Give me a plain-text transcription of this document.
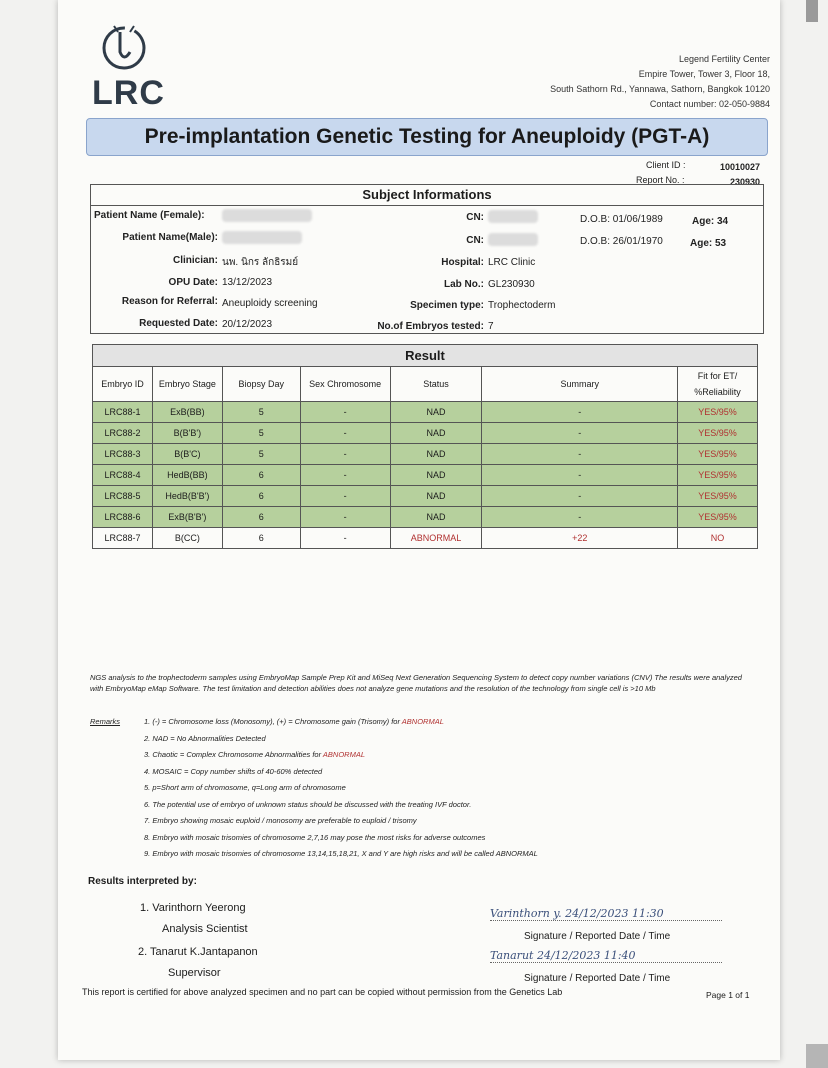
LRC
Legend Fertility Center
Empire Tower, Tower 3, Floor 18,
South Sathorn Rd., Yannawa, Sathorn, Bangkok 10120
Contact number: 02-050-9884
Pre-implantation Genetic Testing for Aneuploidy (PGT-A)
Client ID :	10010027
Report No. :	230930
Subject Informations
Patient Name (Female):
Patient Name(Male):
CN:
CN:
D.O.B: 01/06/1989	Age: 34
D.O.B: 26/01/1970	Age: 53
Clinician: นพ. นิกร ลักธิรมย์	Hospital: LRC Clinic
OPU Date: 13/12/2023	Lab No.: GL230930
Reason for Referral: Aneuploidy screening	Specimen type: Trophectoderm
Requested Date: 20/12/2023	No.of Embryos tested: 7
Result
Embryo ID	Embryo Stage	Biopsy Day	Sex Chromosome	Status	Summary	Fit for ET/ %Reliability
LRC88-1	ExB(BB)	5	-	NAD	-	YES/95%
LRC88-2	B(B'B')	5	-	NAD	-	YES/95%
LRC88-3	B(B'C)	5	-	NAD	-	YES/95%
LRC88-4	HedB(BB)	6	-	NAD	-	YES/95%
LRC88-5	HedB(B'B')	6	-	NAD	-	YES/95%
LRC88-6	ExB(B'B')	6	-	NAD	-	YES/95%
LRC88-7	B(CC)	6	-	ABNORMAL	+22	NO
NGS analysis to the trophectoderm samples using EmbryoMap Sample Prep Kit and MiSeq Next Generation Sequencing System to detect copy number variations (CNV) The results were analyzed with EmbryoMap eMap Software. The test limitation and detection abilities does not analyze gene mutations and the resolution of the technology from single cell is >10 Mb
Remarks	1. (-) = Chromosome loss (Monosomy), (+) = Chromosome gain (Trisomy) for ABNORMAL
2. NAD = No Abnormalities Detected
3. Chaotic = Complex Chromosome Abnormalities for ABNORMAL
4. MOSAIC = Copy number shifts of 40-60% detected
5. p=Short arm of chromosome, q=Long arm of chromosome
6. The potential use of embryo of unknown status should be discussed with the treating IVF doctor.
7. Embryo showing mosaic euploid / monosomy are preferable to euploid / trisomy
8. Embryo with mosaic trisomies of chromosome 2,7,16 may pose the most risks for adverse outcomes
9. Embryo with mosaic trisomies of chromosome 13,14,15,18,21, X and Y are high risks and will be called ABNORMAL
Results interpreted by:
1. Varinthorn Yeerong
Analysis Scientist
2. Tanarut K.Jantapanon
Supervisor
Varinthorn y. 24/12/2023 11:30
Signature / Reported Date / Time
Tanarut 24/12/2023 11:40
Signature / Reported Date / Time
This report is certified for above analyzed specimen and no part can be copied without permission from the Genetics Lab	Page 1 of 1
